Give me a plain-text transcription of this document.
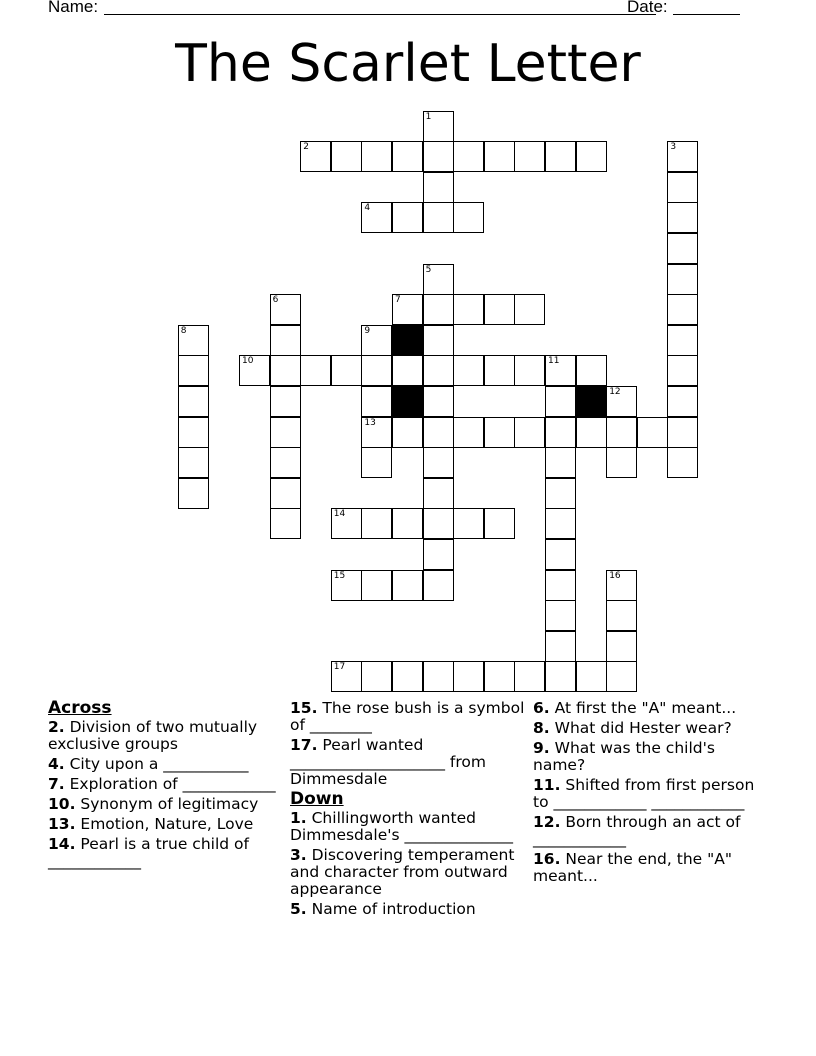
Name:	Date:
The Scarlet Letter
1
2	3
4
5
6	7
8	9
10	11
12
13
14
15	16
17
Across
2. Division of two mutually exclusive groups
4. City upon a ___________
7. Exploration of ____________
10. Synonym of legitimacy
13. Emotion, Nature, Love
14. Pearl is a true child of ____________
15. The rose bush is a symbol of ________
17. Pearl wanted ____________________ from Dimmesdale
Down
1. Chillingworth wanted Dimmesdale's ______________
3. Discovering temperament and character from outward appearance
5. Name of introduction
6. At first the "A" meant...
8. What did Hester wear?
9. What was the child's name?
11. Shifted from first person to ____________ ____________
12. Born through an act of ____________
16. Near the end, the "A" meant...
